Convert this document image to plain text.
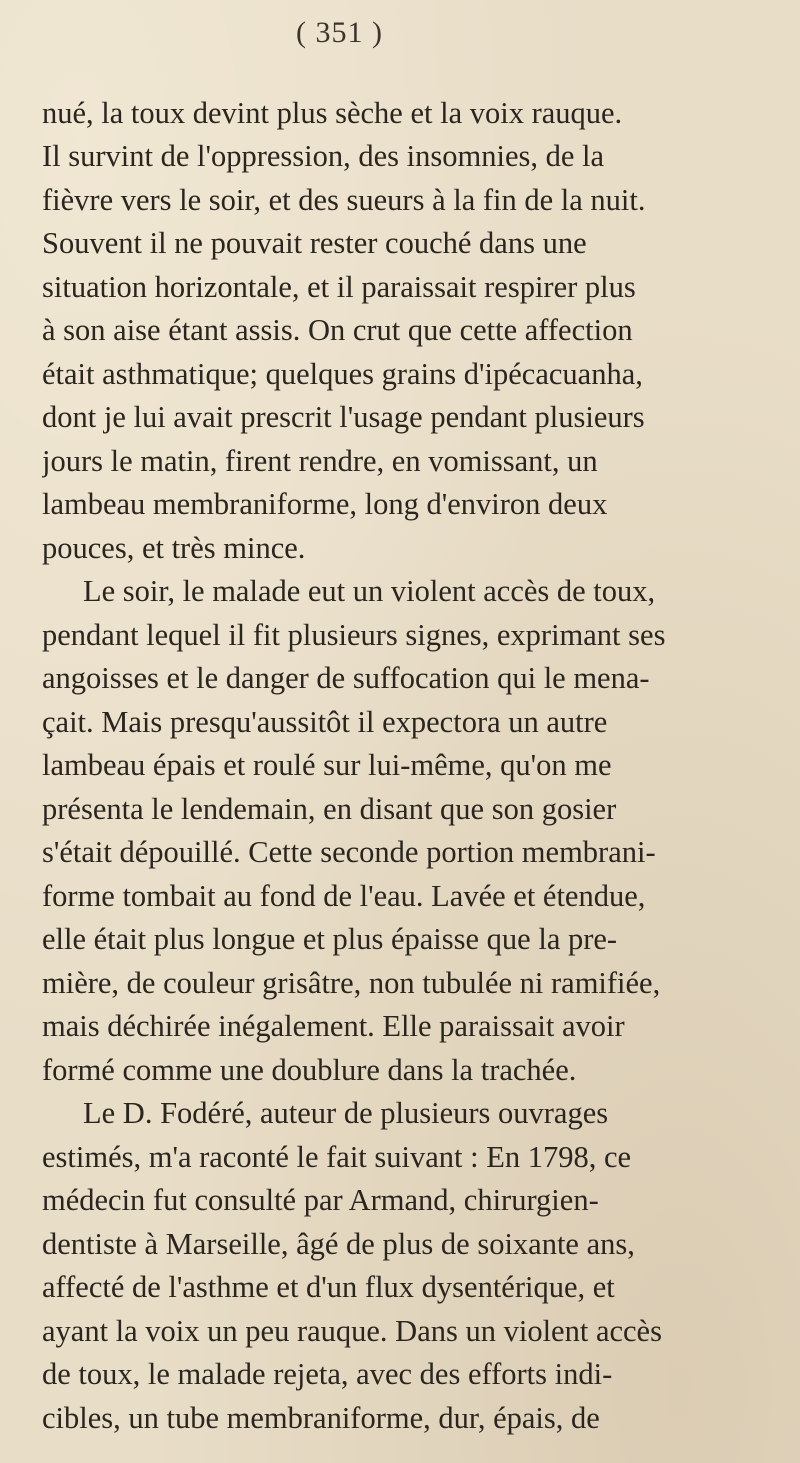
( 351 )
nué, la toux devint plus sèche et la voix rauque.
Il survint de l'oppression, des insomnies, de la
fièvre vers le soir, et des sueurs à la fin de la nuit.
Souvent il ne pouvait rester couché dans une
situation horizontale, et il paraissait respirer plus
à son aise étant assis. On crut que cette affection
était asthmatique; quelques grains d'ipécacuanha,
dont je lui avait prescrit l'usage pendant plusieurs
jours le matin, firent rendre, en vomissant, un
lambeau membraniforme, long d'environ deux
pouces, et très mince.
Le soir, le malade eut un violent accès de toux,
pendant lequel il fit plusieurs signes, exprimant ses
angoisses et le danger de suffocation qui le mena-
çait. Mais presqu'aussitôt il expectora un autre
lambeau épais et roulé sur lui-même, qu'on me
présenta le lendemain, en disant que son gosier
s'était dépouillé. Cette seconde portion membrani-
forme tombait au fond de l'eau. Lavée et étendue,
elle était plus longue et plus épaisse que la pre-
mière, de couleur grisâtre, non tubulée ni ramifiée,
mais déchirée inégalement. Elle paraissait avoir
formé comme une doublure dans la trachée.
Le D. Fodéré, auteur de plusieurs ouvrages
estimés, m'a raconté le fait suivant : En 1798, ce
médecin fut consulté par Armand, chirurgien-
dentiste à Marseille, âgé de plus de soixante ans,
affecté de l'asthme et d'un flux dysentérique, et
ayant la voix un peu rauque. Dans un violent accès
de toux, le malade rejeta, avec des efforts indi-
cibles, un tube membraniforme, dur, épais, de
